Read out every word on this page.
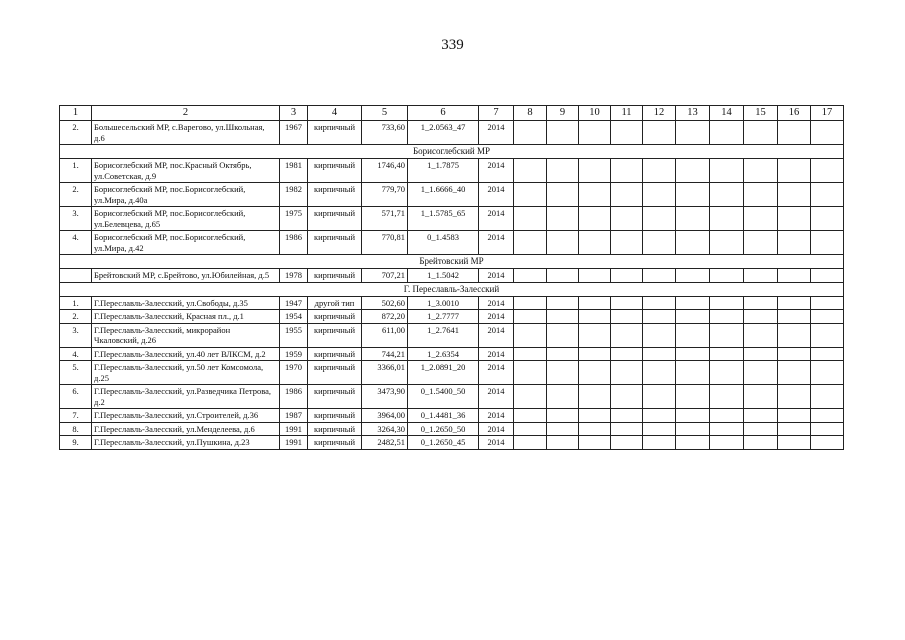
339
1	2	3	4	5	6	7	8	9	10	11	12	13	14	15	16	17
2.	Большесельский МР, с.Варегово, ул.Школьная, д.6	1967	кирпичный	733,60	1_2.0563_47	2014										
Борисоглебский МР																
1.	Борисоглебский МР, пос.Красный Октябрь, ул.Советская, д.9	1981	кирпичный	1746,40	1_1.7875	2014										
2.	Борисоглебский МР, пос.Борисоглебский, ул.Мира, д.40а	1982	кирпичный	779,70	1_1.6666_40	2014										
3.	Борисоглебский МР, пос.Борисоглебский, ул.Белевцева, д.65	1975	кирпичный	571,71	1_1.5785_65	2014										
4.	Борисоглебский МР, пос.Борисоглебский, ул.Мира, д.42	1986	кирпичный	770,81	0_1.4583	2014										
Брейтовский МР																
	Брейтовский МР, с.Брейтово, ул.Юбилейная, д.5	1978	кирпичный	707,21	1_1.5042	2014										
Г. Переславль-Залесский																
1.	Г.Переславль-Залесский, ул.Свободы, д.35	1947	другой тип	502,60	1_3.0010	2014										
2.	Г.Переславль-Залесский, Красная пл., д.1	1954	кирпичный	872,20	1_2.7777	2014										
3.	Г.Переславль-Залесский, микрорайон Чкаловский, д.26	1955	кирпичный	611,00	1_2.7641	2014										
4.	Г.Переславль-Залесский, ул.40 лет ВЛКСМ, д.2	1959	кирпичный	744,21	1_2.6354	2014										
5.	Г.Переславль-Залесский, ул.50 лет Комсомола, д.25	1970	кирпичный	3366,01	1_2.0891_20	2014										
6.	Г.Переславль-Залесский, ул.Разведчика Петрова, д.2	1986	кирпичный	3473,90	0_1.5400_50	2014										
7.	Г.Переславль-Залесский, ул.Строителей, д.36	1987	кирпичный	3964,00	0_1.4481_36	2014										
8.	Г.Переславль-Залесский, ул.Менделеева, д.6	1991	кирпичный	3264,30	0_1.2650_50	2014										
9.	Г.Переславль-Залесский, ул.Пушкина, д.23	1991	кирпичный	2482,51	0_1.2650_45	2014										
